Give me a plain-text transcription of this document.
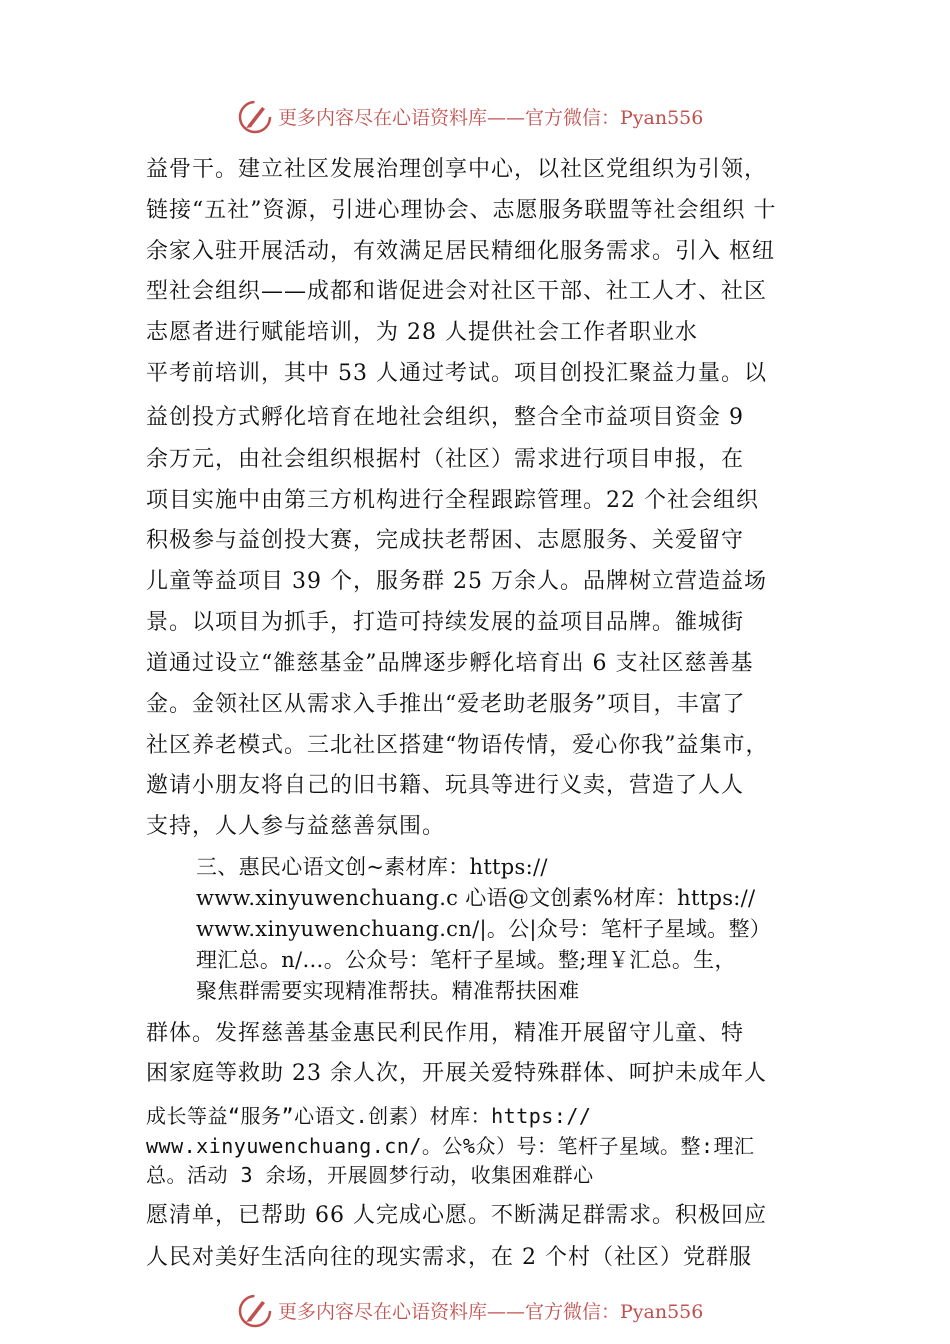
更多内容尽在心语资料库——官方微信：Pyan556
益骨干。建立社区发展治理创享中心，以社区党组织为引领，
链接“五社”资源，引进心理协会、志愿服务联盟等社会组织 十
余家入驻开展活动，有效满足居民精细化服务需求。引入 枢纽
型社会组织——成都和谐促进会对社区干部、社工人才、社区
志愿者进行赋能培训，为 28 人提供社会工作者职业水
平考前培训，其中 53 人通过考试。项目创投汇聚益力量。以
益创投方式孵化培育在地社会组织，整合全市益项目资金 9
余万元，由社会组织根据村（社区）需求进行项目申报，在
项目实施中由第三方机构进行全程跟踪管理。22 个社会组织
积极参与益创投大赛，完成扶老帮困、志愿服务、关爱留守
儿童等益项目 39 个，服务群 25 万余人。品牌树立营造益场
景。以项目为抓手，打造可持续发展的益项目品牌。雒城街
道通过设立“雒慈基金”品牌逐步孵化培育出 6 支社区慈善基
金。金领社区从需求入手推出“爱老助老服务”项目，丰富了
社区养老模式。三北社区搭建“物语传情，爱心你我”益集市，
邀请小朋友将自己的旧书籍、玩具等进行义卖，营造了人人
支持，人人参与益慈善氛围。
三、惠民心语文创~素材库：https://
www.xinyuwenchuang.c 心语@文创素%材库：https://
www.xinyuwenchuang.cn/|。公|众号：笔杆子星域。整）
理汇总。n/…。公众号：笔杆子星域。整;理￥汇总。生，
聚焦群需要实现精准帮扶。精准帮扶困难
群体。发挥慈善基金惠民利民作用，精准开展留守儿童、特
困家庭等救助 23 余人次，开展关爱特殊群体、呵护未成年人
成长等益“服务”心语文.创素）材库：https://
www.xinyuwenchuang.cn/。公%众）号：笔杆子星域。整:理汇
总。活动 3 余场，开展圆梦行动，收集困难群心
愿清单，已帮助 66 人完成心愿。不断满足群需求。积极回应
人民对美好生活向往的现实需求，在 2 个村（社区）党群服
更多内容尽在心语资料库——官方微信：Pyan556
